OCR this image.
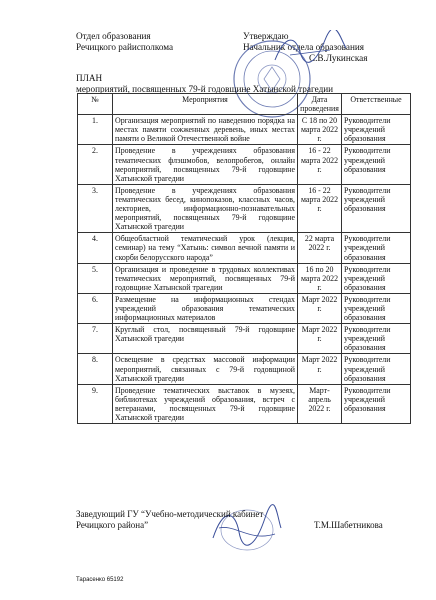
Отдел образования
Речицкого райисполкома
Утверждаю
Начальник отдела образования
С.В.Лукинская
ПЛАН
мероприятий, посвященных 79-й годовщине Хатынской трагедии
№	Мероприятия	Дата проведения	Ответственные
1.	Организация мероприятий по наведению порядка на местах памяти сожженных деревень, иных местах памяти о Великой Отечественной войне	С 18 по 20 марта 2022 г.	Руководители учреждений образования
2.	Проведение в учреждениях образования тематических флэшмобов, велопробегов, онлайн мероприятий, посвященных 79-й годовщине Хатынской трагедии	16 - 22 марта 2022 г.	Руководители учреждений образования
3.	Проведение в учреждениях образования тематических бесед, кинопоказов, классных часов, лекториев, информационно-познавательных мероприятий, посвященных 79-й годовщине Хатынской трагедии	16 - 22 марта 2022 г.	Руководители учреждений образования
4.	Общеобластной тематический урок (лекция, семинар) на тему “Хатынь: символ вечной памяти и скорби белорусского народа”	22 марта 2022 г.	Руководители учреждений образования
5.	Организация и проведение в трудовых коллективах тематических мероприятий, посвященных 79-й годовщине Хатынской трагедии	16 по 20 марта 2022 г.	Руководители учреждений образования
6.	Размещение на информационных стендах учреждений образования тематических информационных материалов	Март 2022 г.	Руководители учреждений образования
7.	Круглый стол, посвященный 79-й годовщине Хатынской трагедии	Март 2022 г.	Руководители учреждений образования
8.	Освещение в средствах массовой информации мероприятий, связанных с 79-й годовщиной Хатынской трагедии	Март 2022 г.	Руководители учреждений образования
9.	Проведение тематических выставок в музеях, библиотеках учреждений образования, встреч с ветеранами, посвященных 79-й годовщине Хатынской трагедии	Март-апрель 2022 г.	Руководители учреждений образования
Заведующий ГУ “Учебно-методический кабинет
Речицкого района”	Т.М.Шабетникова
Тарасенко 65192
